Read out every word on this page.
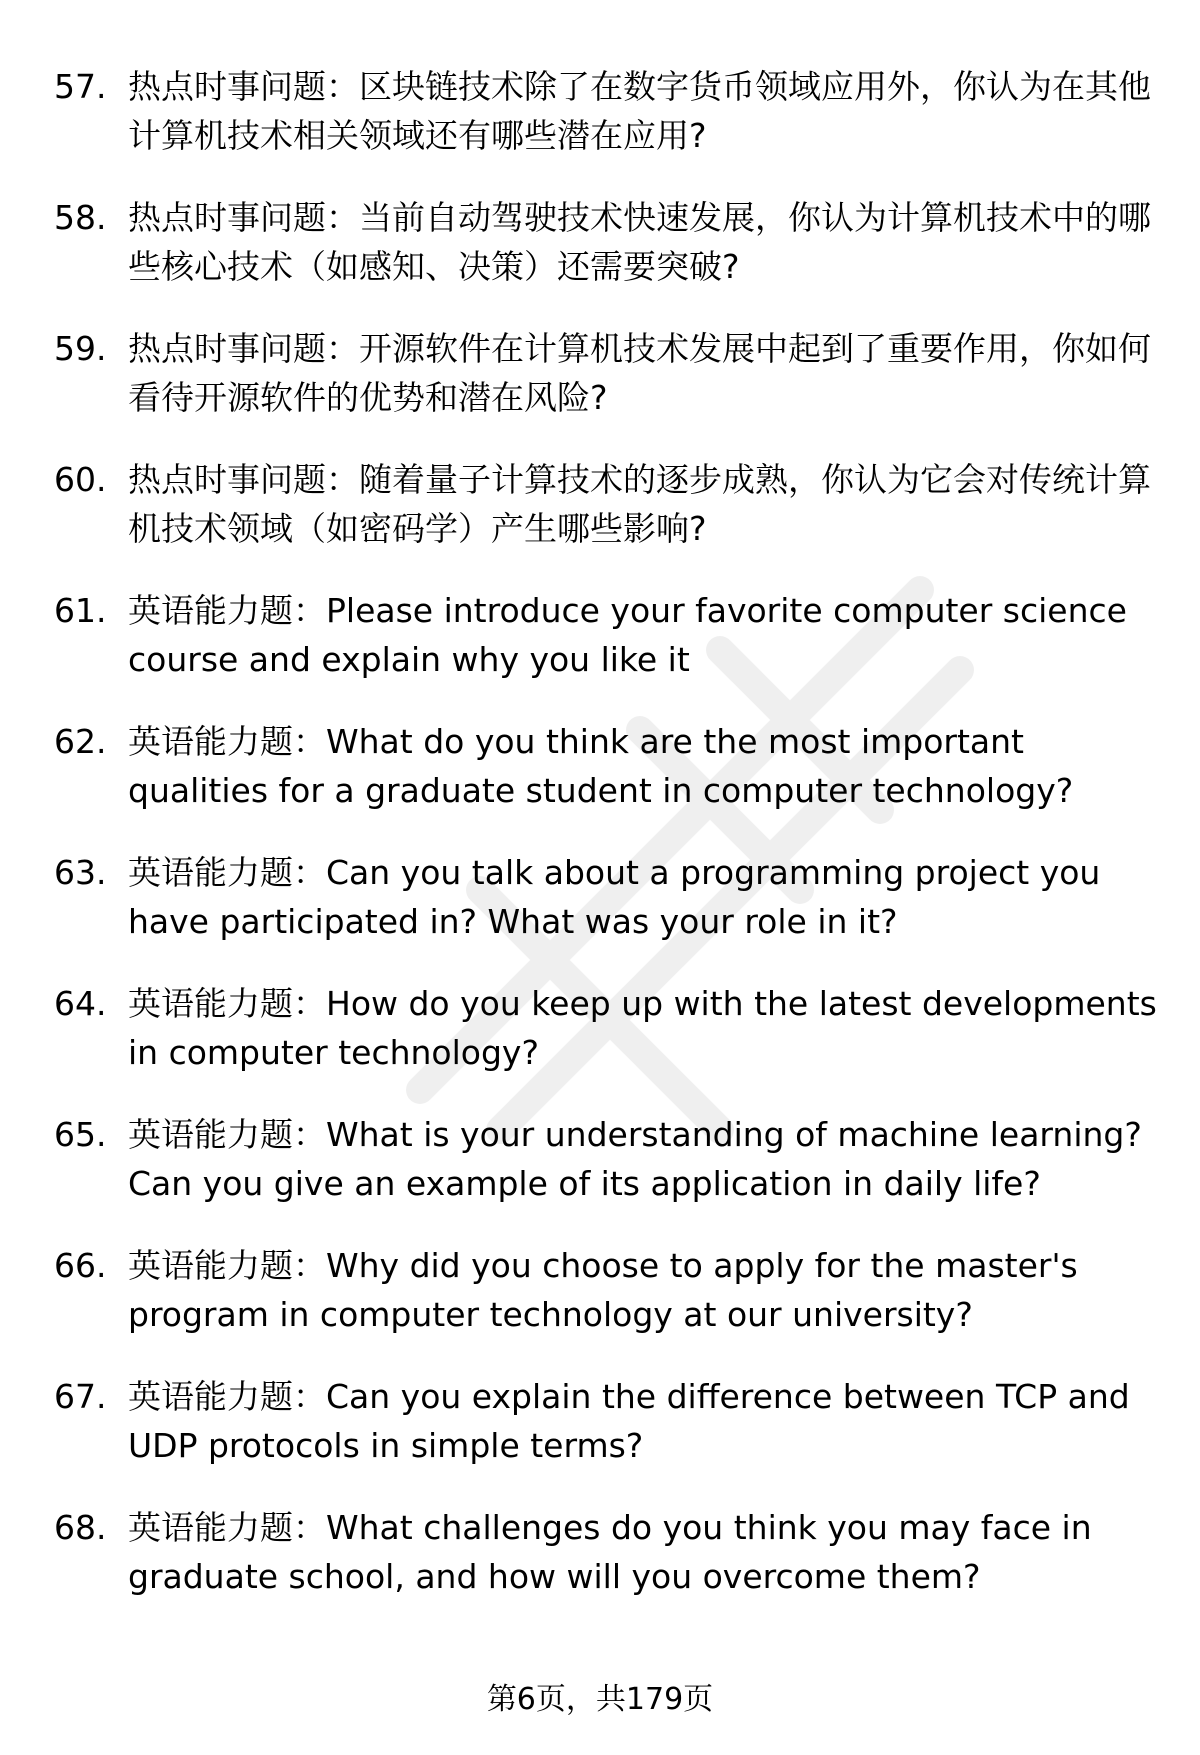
57. 热点时事问题：区块链技术除了在数字货币领域应用外，你认为在其他计算机技术相关领域还有哪些潜在应用?
58. 热点时事问题：当前自动驾驶技术快速发展，你认为计算机技术中的哪些核心技术（如感知、决策）还需要突破?
59. 热点时事问题：开源软件在计算机技术发展中起到了重要作用，你如何看待开源软件的优势和潜在风险?
60. 热点时事问题：随着量子计算技术的逐步成熟，你认为它会对传统计算机技术领域（如密码学）产生哪些影响?
61. 英语能力题：Please introduce your favorite computer science course and explain why you like it
62. 英语能力题：What do you think are the most important qualities for a graduate student in computer technology?
63. 英语能力题：Can you talk about a programming project you have participated in? What was your role in it?
64. 英语能力题：How do you keep up with the latest developments in computer technology?
65. 英语能力题：What is your understanding of machine learning? Can you give an example of its application in daily life?
66. 英语能力题：Why did you choose to apply for the master's program in computer technology at our university?
67. 英语能力题：Can you explain the difference between TCP and UDP protocols in simple terms?
68. 英语能力题：What challenges do you think you may face in graduate school, and how will you overcome them?
第6页，共179页
